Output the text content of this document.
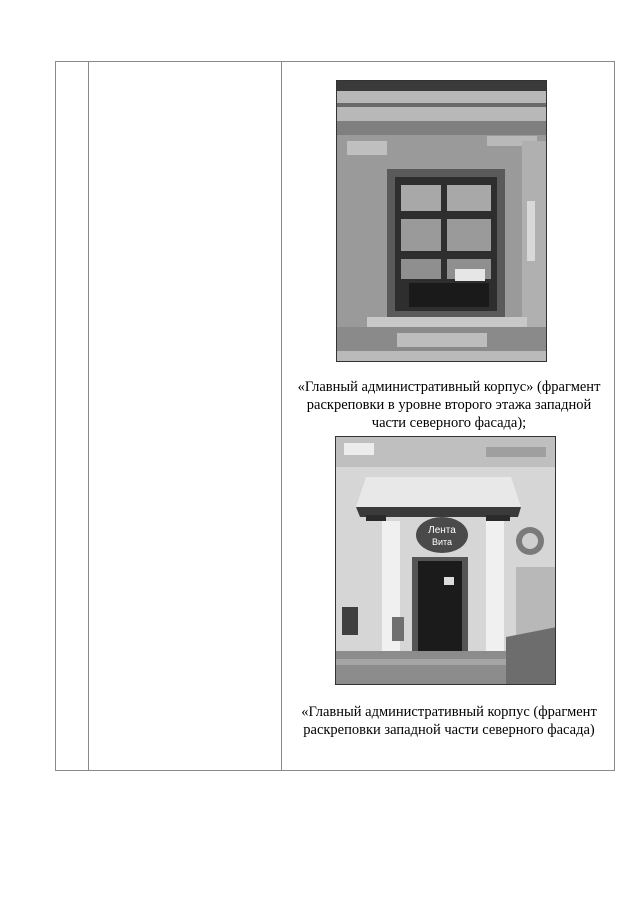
«Главный административный корпус» (фрагмент
раскреповки в уровне второго этажа западной
части северного фасада);
Лента
Вита
«Главный административный корпус (фрагмент
раскреповки западной части северного фасада)
